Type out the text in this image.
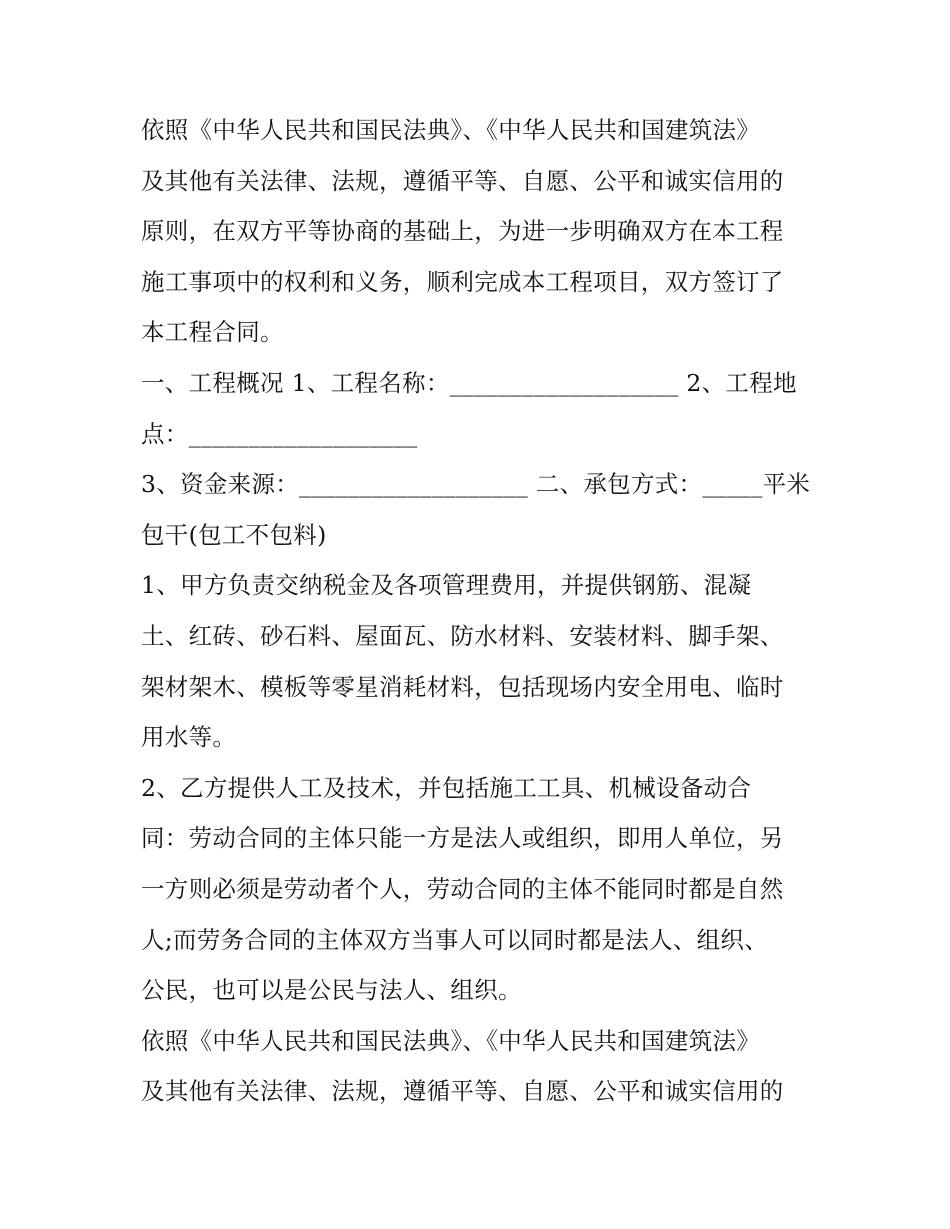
依照《中华人民共和国民法典》、《中华人民共和国建筑法》
及其他有关法律、法规，遵循平等、自愿、公平和诚实信用的
原则，在双方平等协商的基础上，为进一步明确双方在本工程
施工事项中的权利和义务，顺利完成本工程项目，双方签订了
本工程合同。
一、工程概况 1、工程名称：___________________ 2、工程地
点：___________________
3、资金来源：___________________ 二、承包方式：_____平米
包干(包工不包料)
1、甲方负责交纳税金及各项管理费用，并提供钢筋、混凝
土、红砖、砂石料、屋面瓦、防水材料、安装材料、脚手架、
架材架木、模板等零星消耗材料，包括现场内安全用电、临时
用水等。
2、乙方提供人工及技术，并包括施工工具、机械设备动合
同：劳动合同的主体只能一方是法人或组织，即用人单位，另
一方则必须是劳动者个人，劳动合同的主体不能同时都是自然
人;而劳务合同的主体双方当事人可以同时都是法人、组织、
公民，也可以是公民与法人、组织。
依照《中华人民共和国民法典》、《中华人民共和国建筑法》
及其他有关法律、法规，遵循平等、自愿、公平和诚实信用的
